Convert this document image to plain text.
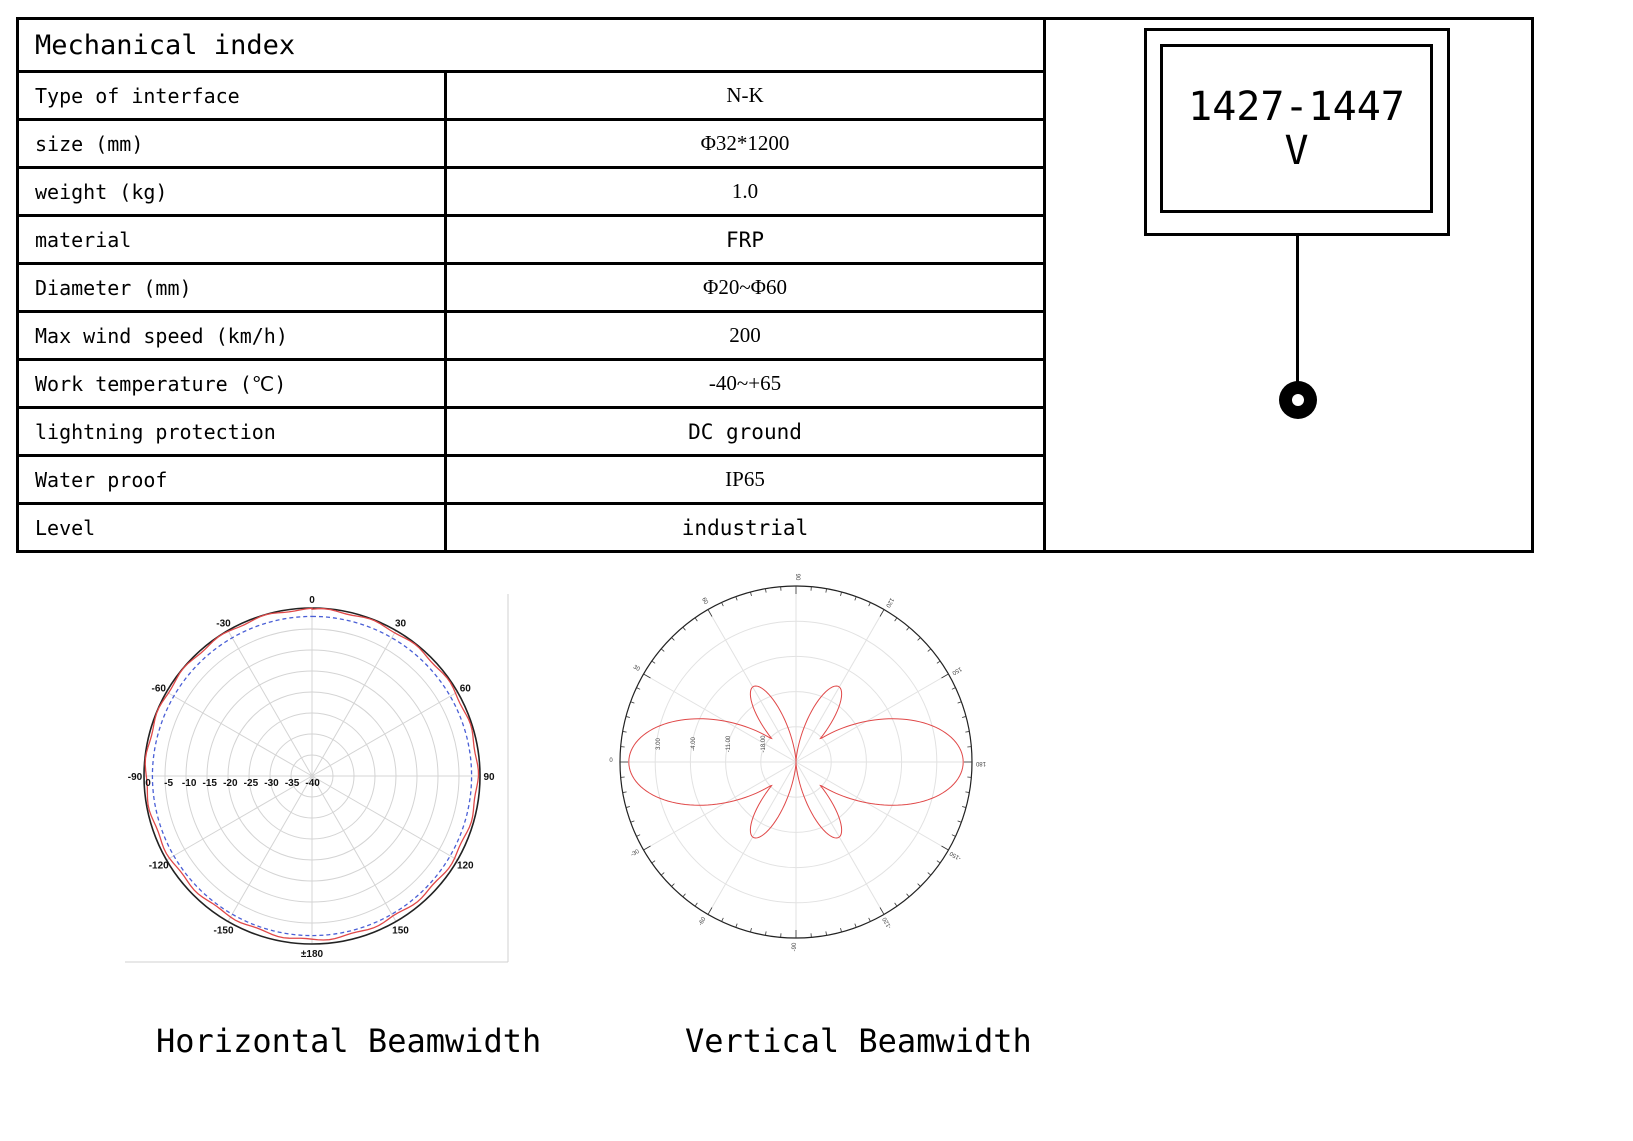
Mechanical index		1427-1447
V

Type of interface	N-K	
size (mm)	Φ32*1200	
weight (kg)	1.0	
material	FRP	
Diameter (mm)	Φ20~Φ60	
Max wind speed (km/h)	200	
Work temperature (℃)	-40~+65	
lightning protection	DC ground	
Water proof	IP65	
Level	industrial	
0
30
60
90
120
150
±180
-150
-120
-90
-60
-30
0 -5 -10 -15 -20 -25 -30 -35 -40
90
120
150
180
-150
-120
-90
-60
-30
0
30
60
3.00	-4.00	-11.00	-18.00
Horizontal Beamwidth	Vertical Beamwidth
